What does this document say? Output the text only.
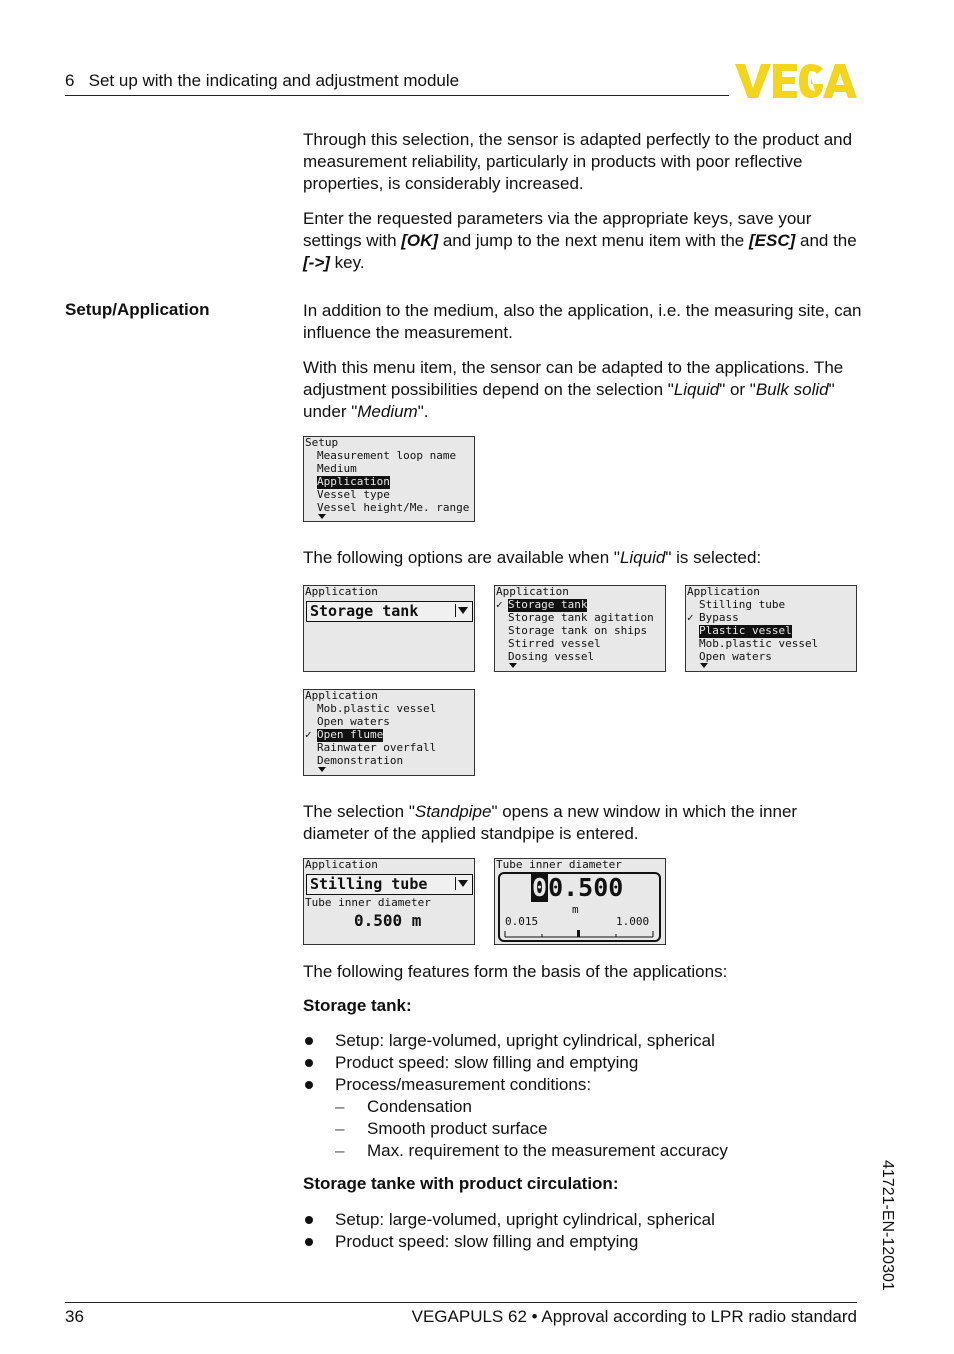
6   Set up with the indicating and adjustment module
Through this selection, the sensor is adapted perfectly to the product and measurement reliability, particularly in products with poor reflective properties, is considerably increased.
Enter the requested parameters via the appropriate keys, save your settings with [OK] and jump to the next menu item with the [ESC] and the [->] key.
Setup/Application	In addition to the medium, also the application, i.e. the measuring site, can influence the measurement.
With this menu item, the sensor can be adapted to the applications. The adjustment possibilities depend on the selection "Liquid" or "Bulk solid" under "Medium".
Setup
Measurement loop name
Medium
Application
Vessel type
Vessel height/Me. range
The following options are available when "Liquid" is selected:
Application
Storage tank
Application
✓ Storage tank
Storage tank agitation
Storage tank on ships
Stirred vessel
Dosing vessel
Application
Stilling tube
✓ Bypass
Plastic vessel
Mob.plastic vessel
Open waters
Application
Mob.plastic vessel
Open waters
✓ Open flume
Rainwater overfall
Demonstration
The selection "Standpipe" opens a new window in which the inner diameter of the applied standpipe is entered.
Application
Stilling tube
Tube inner diameter
0.500 m
Tube inner diameter
00.500
m
0.015	1.000
The following features form the basis of the applications:
Storage tank:
Setup: large-volumed, upright cylindrical, spherical
Product speed: slow filling and emptying
Process/measurement conditions:
– Condensation
– Smooth product surface
– Max. requirement to the measurement accuracy
Storage tanke with product circulation:
Setup: large-volumed, upright cylindrical, spherical
Product speed: slow filling and emptying	41721-EN-120301
36	VEGAPULS 62 • Approval according to LPR radio standard
